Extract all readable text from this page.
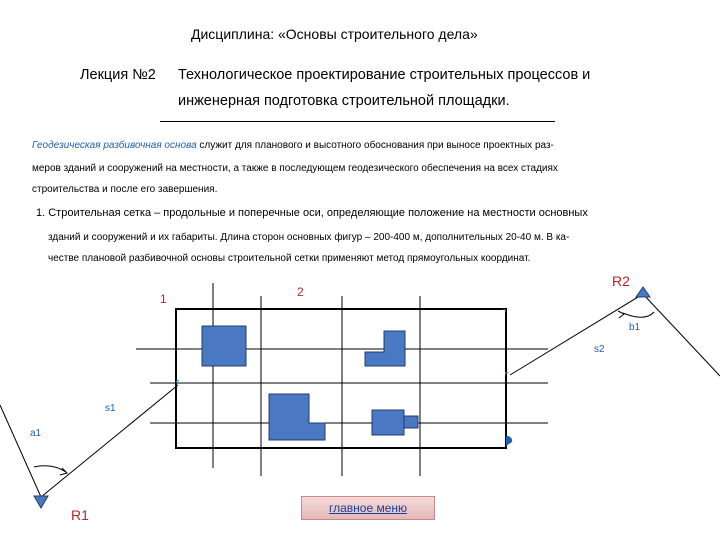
Дисциплина: «Основы строительного дела»
Лекция №2 Технологическое проектирование строительных процессов и
инженерная подготовка строительной площадки.
Геодезическая разбивочная основа служит для планового и высотного обоснования при выносе проектных раз-
меров зданий и сооружений на местности, а также в последующем геодезического обеспечения на всех стадиях
строительства и после его завершения.
1. Строительная сетка – продольные и поперечные оси, определяющие положение на местности основных
зданий и сооружений и их габариты. Длина сторон основных фигур – 200-400 м, дополнительных 20-40 м. В ка-
честве плановой разбивочной основы строительной сетки применяют метод прямоугольных координат.
1	2
R2
R1
b1
s2
s1
a1
главное меню
